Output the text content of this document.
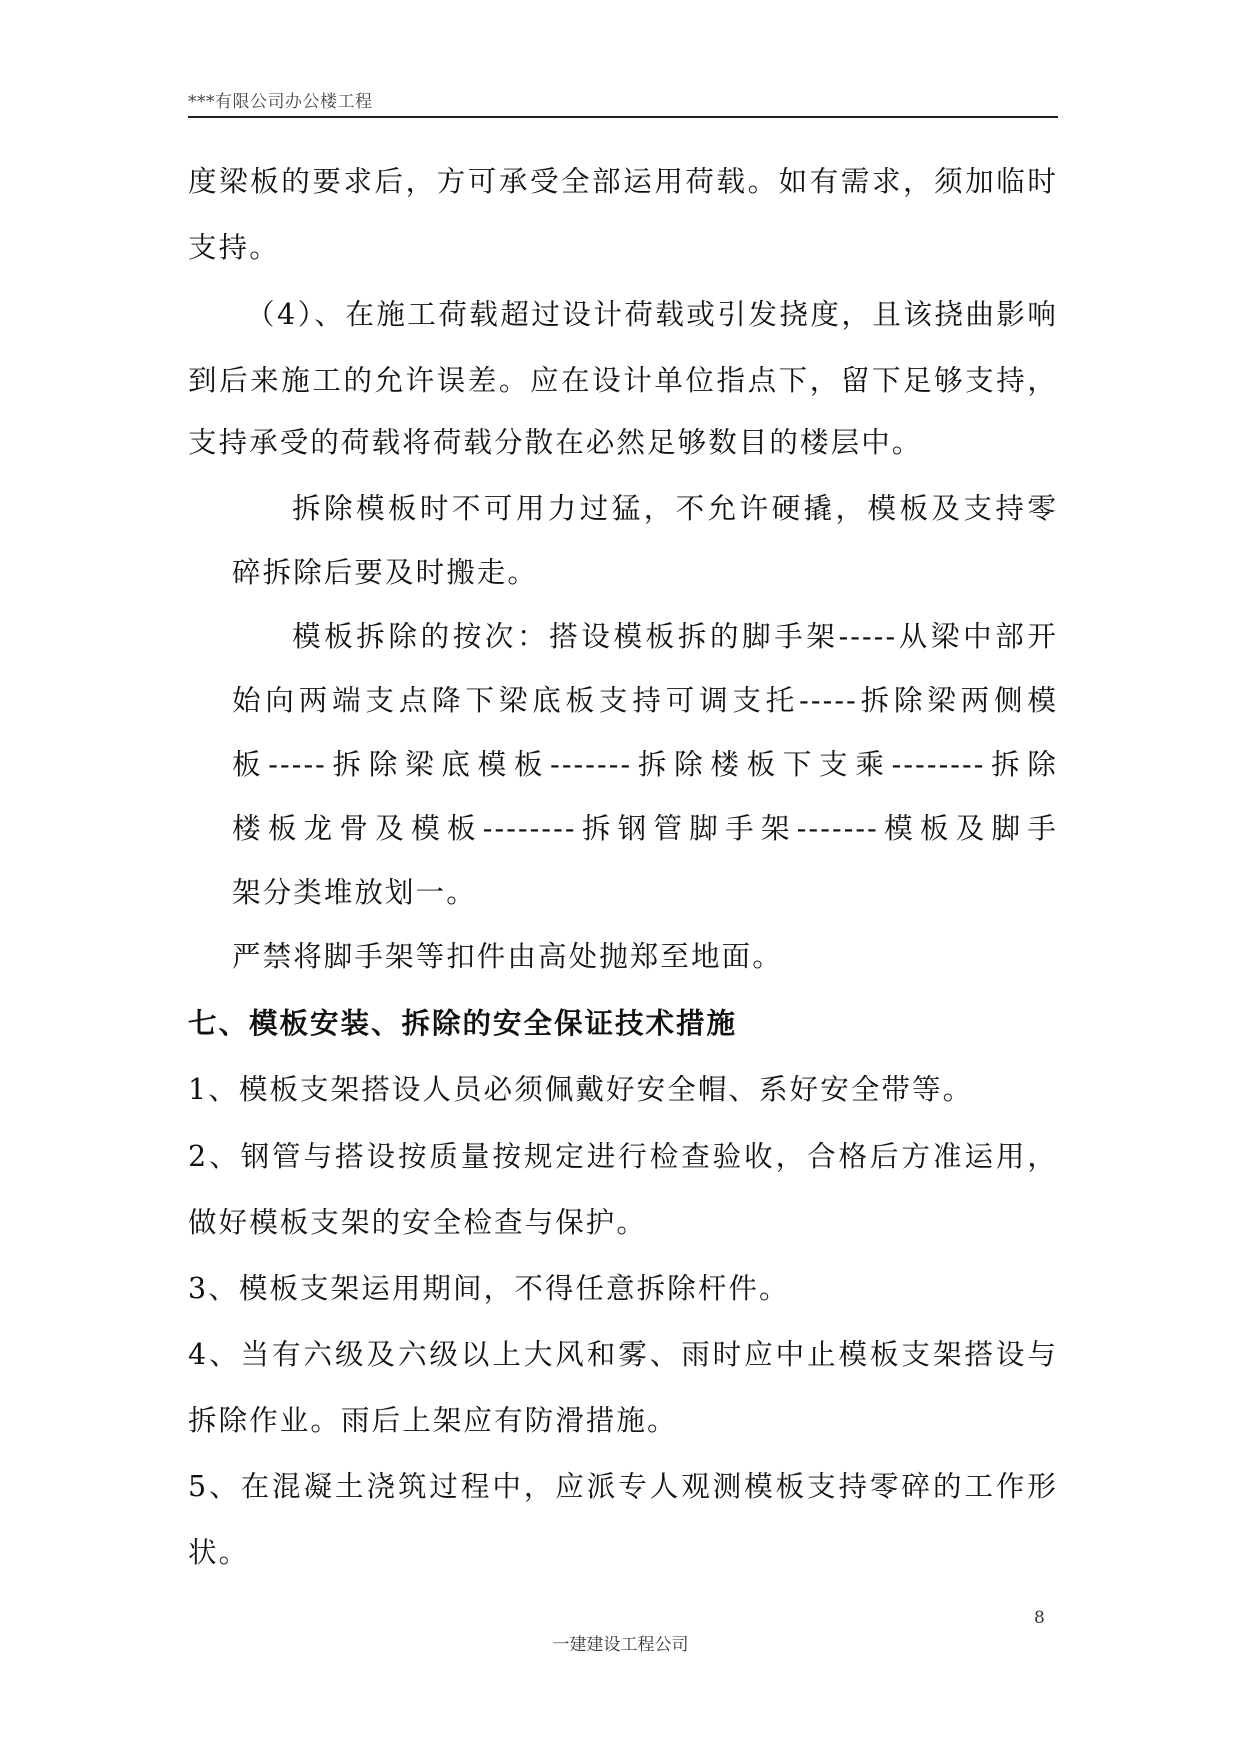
***有限公司办公楼工程
度梁板的要求后，方可承受全部运用荷载。如有需求，须加临时
支持。
（4）、在施工荷载超过设计荷载或引发挠度，且该挠曲影响
到后来施工的允许误差。应在设计单位指点下，留下足够支持，
支持承受的荷载将荷载分散在必然足够数目的楼层中。
拆除模板时不可用力过猛，不允许硬撬，模板及支持零
碎拆除后要及时搬走。
模板拆除的按次：搭设模板拆的脚手架-----从梁中部开
始向两端支点降下梁底板支持可调支托-----拆除梁两侧模
板-----拆除梁底模板-------拆除楼板下支乘--------拆除
楼板龙骨及模板--------拆钢管脚手架-------模板及脚手
架分类堆放划一。
严禁将脚手架等扣件由高处抛郑至地面。
七、模板安装、拆除的安全保证技术措施
1、模板支架搭设人员必须佩戴好安全帽、系好安全带等。
2、钢管与搭设按质量按规定进行检查验收，合格后方准运用，
做好模板支架的安全检查与保护。
3、模板支架运用期间，不得任意拆除杆件。
4、当有六级及六级以上大风和雾、雨时应中止模板支架搭设与
拆除作业。雨后上架应有防滑措施。
5、在混凝土浇筑过程中，应派专人观测模板支持零碎的工作形
状。
8
一建建设工程公司
